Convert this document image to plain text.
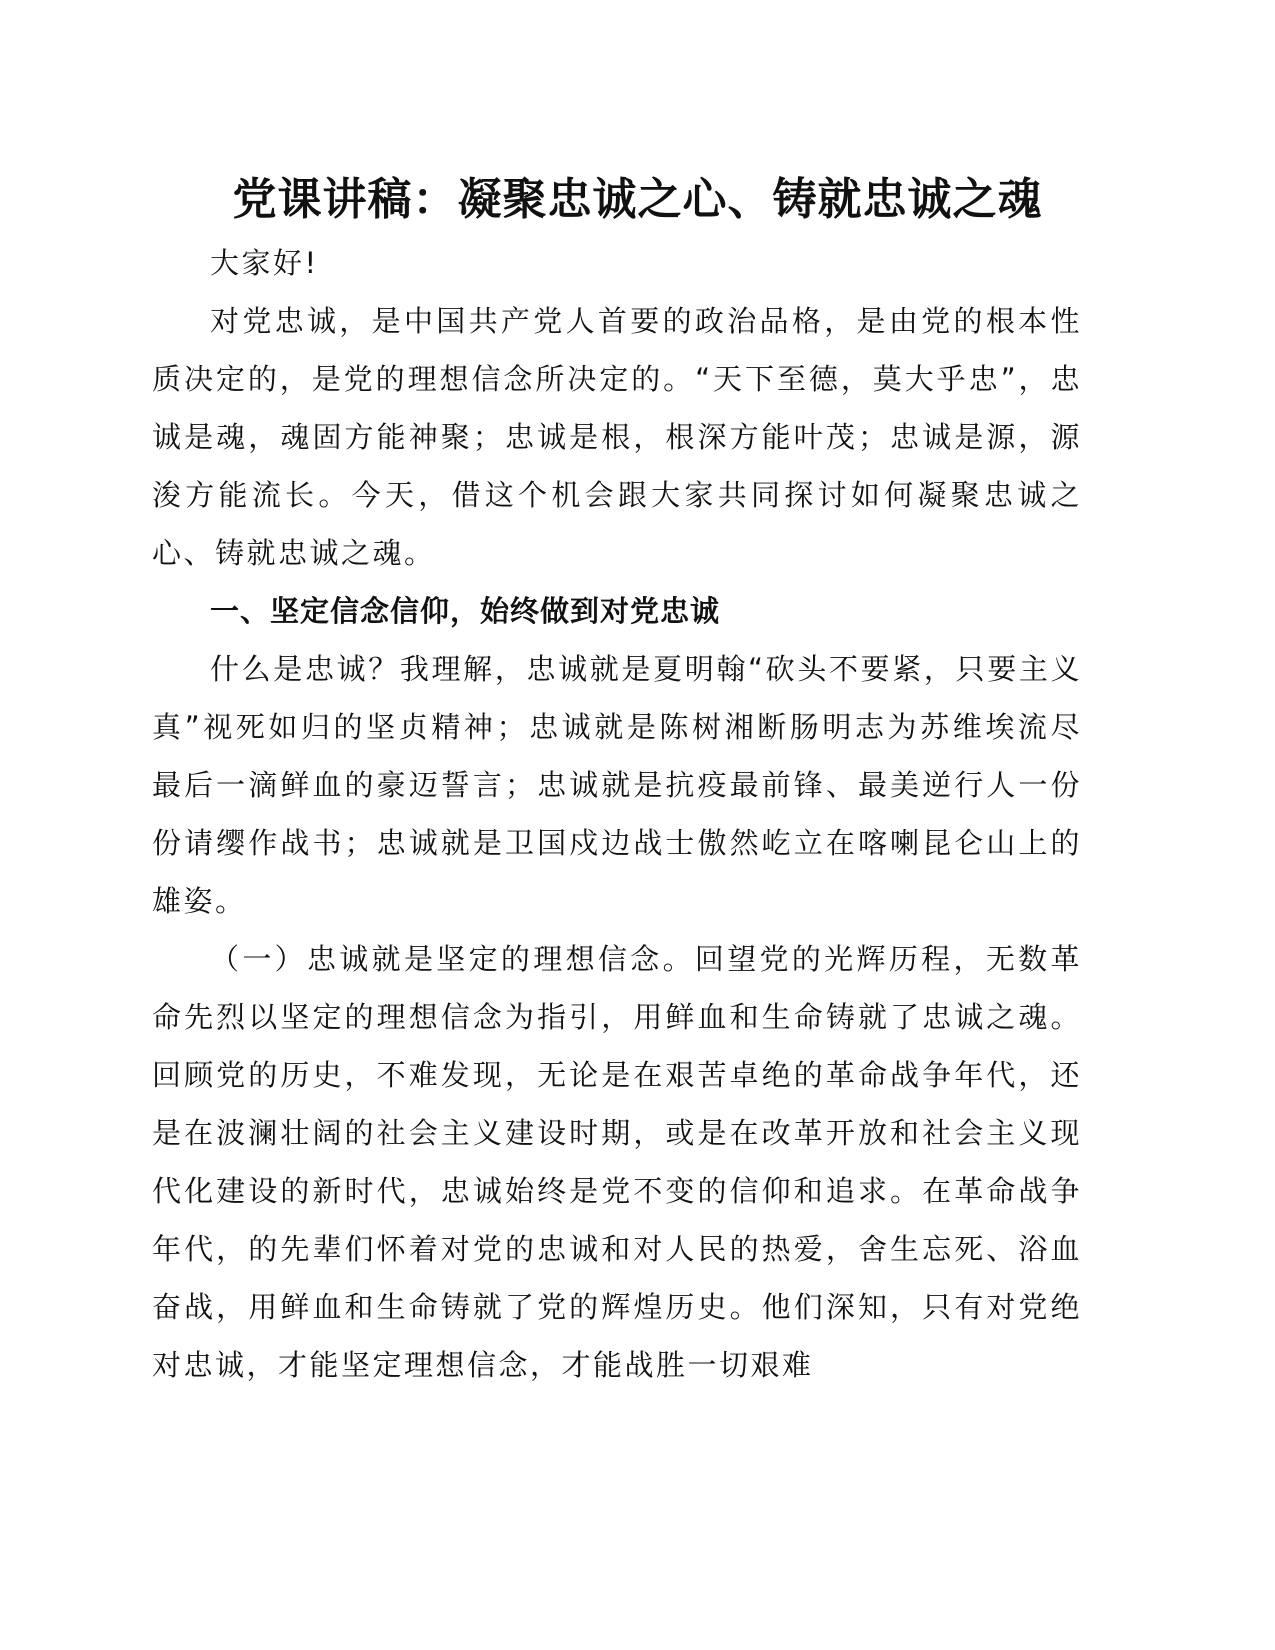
党课讲稿：凝聚忠诚之心、铸就忠诚之魂

大家好!

对党忠诚，是中国共产党人首要的政治品格，是由党的根本性质决定的，是党的理想信念所决定的。“天下至德，莫大乎忠”，忠诚是魂，魂固方能神聚；忠诚是根，根深方能叶茂；忠诚是源，源浚方能流长。今天，借这个机会跟大家共同探讨如何凝聚忠诚之心、铸就忠诚之魂。

一、坚定信念信仰，始终做到对党忠诚

什么是忠诚？我理解，忠诚就是夏明翰“砍头不要紧，只要主义真”视死如归的坚贞精神；忠诚就是陈树湘断肠明志为苏维埃流尽最后一滴鲜血的豪迈誓言；忠诚就是抗疫最前锋、最美逆行人一份份请缨作战书；忠诚就是卫国戍边战士傲然屹立在喀喇昆仑山上的雄姿。

（一）忠诚就是坚定的理想信念。回望党的光辉历程，无数革命先烈以坚定的理想信念为指引，用鲜血和生命铸就了忠诚之魂。回顾党的历史，不难发现，无论是在艰苦卓绝的革命战争年代，还是在波澜壮阔的社会主义建设时期，或是在改革开放和社会主义现代化建设的新时代，忠诚始终是党不变的信仰和追求。在革命战争年代，的先辈们怀着对党的忠诚和对人民的热爱，舍生忘死、浴血奋战，用鲜血和生命铸就了党的辉煌历史。他们深知，只有对党绝对忠诚，才能坚定理想信念，才能战胜一切艰难
